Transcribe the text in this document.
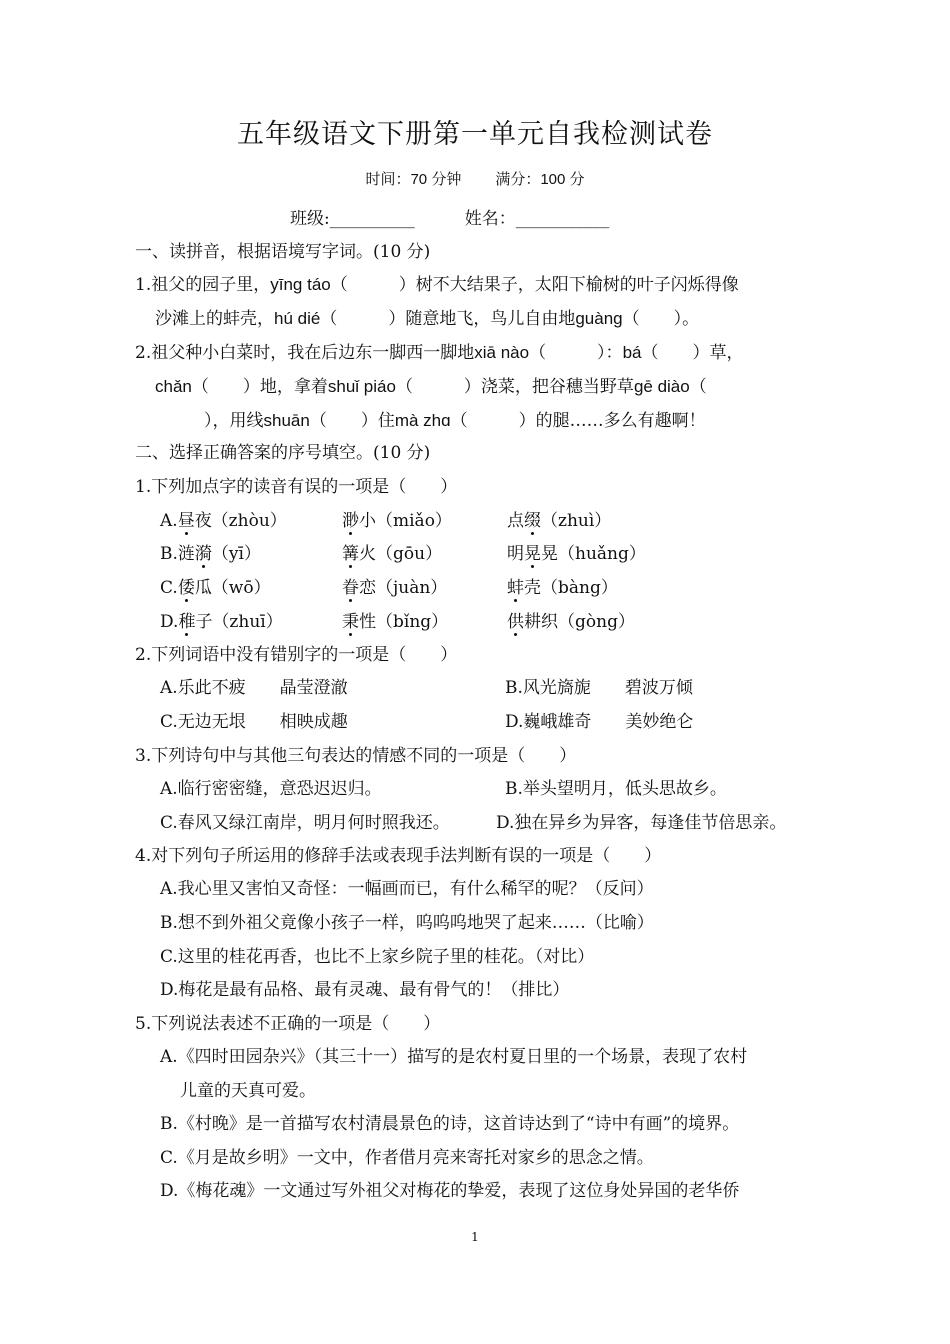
五年级语文下册第一单元自我检测试卷
时间：70 分钟 满分：100 分
班级:__________	姓名：___________
一、读拼音，根据语境写字词。(10 分)
1.祖父的园子里，yīng táo（　　　）树不大结果子，太阳下榆树的叶子闪烁得像
沙滩上的蚌壳，hú dié（　　　）随意地飞，鸟儿自由地guàng（　　）。
2.祖父种小白菜时，我在后边东一脚西一脚地xiā nào（　　　）：bá（　　）草，
chǎn（　　）地，拿着shuǐ piáo（　　　）浇菜，把谷穗当野草gē diào（
　　），用线shuān（　　）住mà zhɑ（　　　）的腿……多么有趣啊！
二、选择正确答案的序号填空。(10 分)
1.下列加点字的读音有误的一项是（　　）
A.昼夜（zhòu）	渺小（miǎo）	点缀（zhuì）
B.涟漪（yī）	篝火（gōu）	明晃晃（huǎng）
C.倭瓜（wō）	眷恋（juàn）	蚌壳（bàng）
D.稚子（zhuī）	秉性（bǐng）	供耕织（gòng）
2.下列词语中没有错别字的一项是（　　）
A.乐此不疲　　晶莹澄澈	B.风光旖旎　　碧波万倾
C.无边无垠　　相映成趣	D.巍峨雄奇　　美妙绝仑
3.下列诗句中与其他三句表达的情感不同的一项是（　　）
A.临行密密缝，意恐迟迟归。	B.举头望明月，低头思故乡。
C.春风又绿江南岸，明月何时照我还。	D.独在异乡为异客，每逢佳节倍思亲。
4.对下列句子所运用的修辞手法或表现手法判断有误的一项是（　　）
A.我心里又害怕又奇怪：一幅画而已，有什么稀罕的呢？（反问）
B.想不到外祖父竟像小孩子一样，呜呜呜地哭了起来……（比喻）
C.这里的桂花再香，也比不上家乡院子里的桂花。（对比）
D.梅花是最有品格、最有灵魂、最有骨气的！（排比）
5.下列说法表述不正确的一项是（　　）
A.《四时田园杂兴》（其三十一）描写的是农村夏日里的一个场景，表现了农村
儿童的天真可爱。
B.《村晚》是一首描写农村清晨景色的诗，这首诗达到了“诗中有画”的境界。
C.《月是故乡明》一文中，作者借月亮来寄托对家乡的思念之情。
D.《梅花魂》一文通过写外祖父对梅花的挚爱，表现了这位身处异国的老华侨
1
